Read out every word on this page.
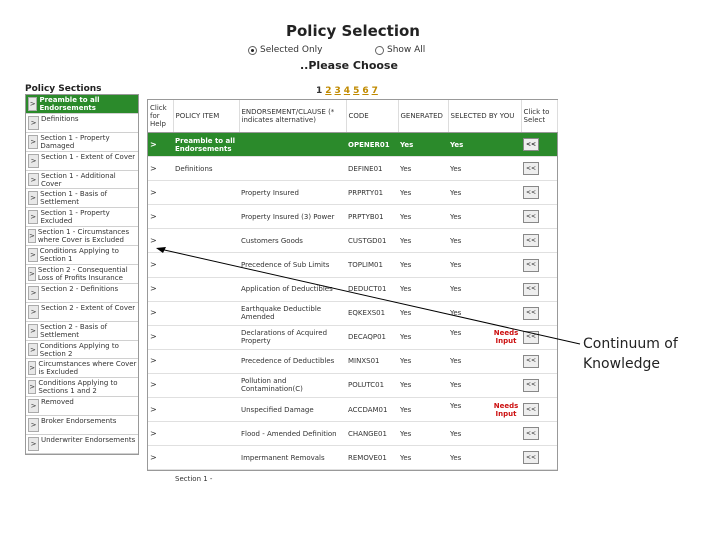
Policy Selection
Selected Only	Show All
..Please Choose
1 2 3 4 5 6 7
Policy Sections
> Preamble to all Endorsements
> Definitions
> Section 1 - Property Damaged
> Section 1 - Extent of Cover
> Section 1 - Additional Cover
> Section 1 - Basis of Settlement
> Section 1 - Property Excluded
> Section 1 - Circumstances where Cover is Excluded
> Conditions Applying to Section 1
> Section 2 - Consequential Loss of Profits Insurance
> Section 2 - Definitions
> Section 2 - Extent of Cover
> Section 2 - Basis of Settlement
> Conditions Applying to Section 2
> Circumstances where Cover is Excluded
> Conditions Applying to Sections 1 and 2
> Removed
> Broker Endorsements
> Underwriter Endorsements
Click for Help	POLICY ITEM	ENDORSEMENT/CLAUSE (* indicates alternative)	CODE	GENERATED	SELECTED BY YOU	Click to Select
>	Preamble to all Endorsements		OPENER01	Yes	Yes	<<

>	Definitions		DEFINE01	Yes	Yes	<<

>		Property Insured	PRPRTY01	Yes	Yes	<<

>		Property Insured (3) Power	PRPTYB01	Yes	Yes	<<

>		Customers Goods	CUSTGD01	Yes	Yes	<<

>		Precedence of Sub Limits	TOPLIM01	Yes	Yes	<<

>		Application of Deductibles	DEDUCT01	Yes	Yes	<<

>		Earthquake Deductible Amended	EQKEXS01	Yes	Yes	<<

>		Declarations of Acquired Property	DECAQP01	Yes	Yes Needs Input	<<

>		Precedence of Deductibles	MINXS01	Yes	Yes	<<

>		Pollution and Contamination(C)	POLUTC01	Yes	Yes	<<

>		Unspecified Damage	ACCDAM01	Yes	Yes Needs Input	<<

>		Flood - Amended Definition	CHANGE01	Yes	Yes	<<

>		Impermanent Removals	REMOVE01	Yes	Yes	<<
Section 1 -
Continuum of Knowledge
